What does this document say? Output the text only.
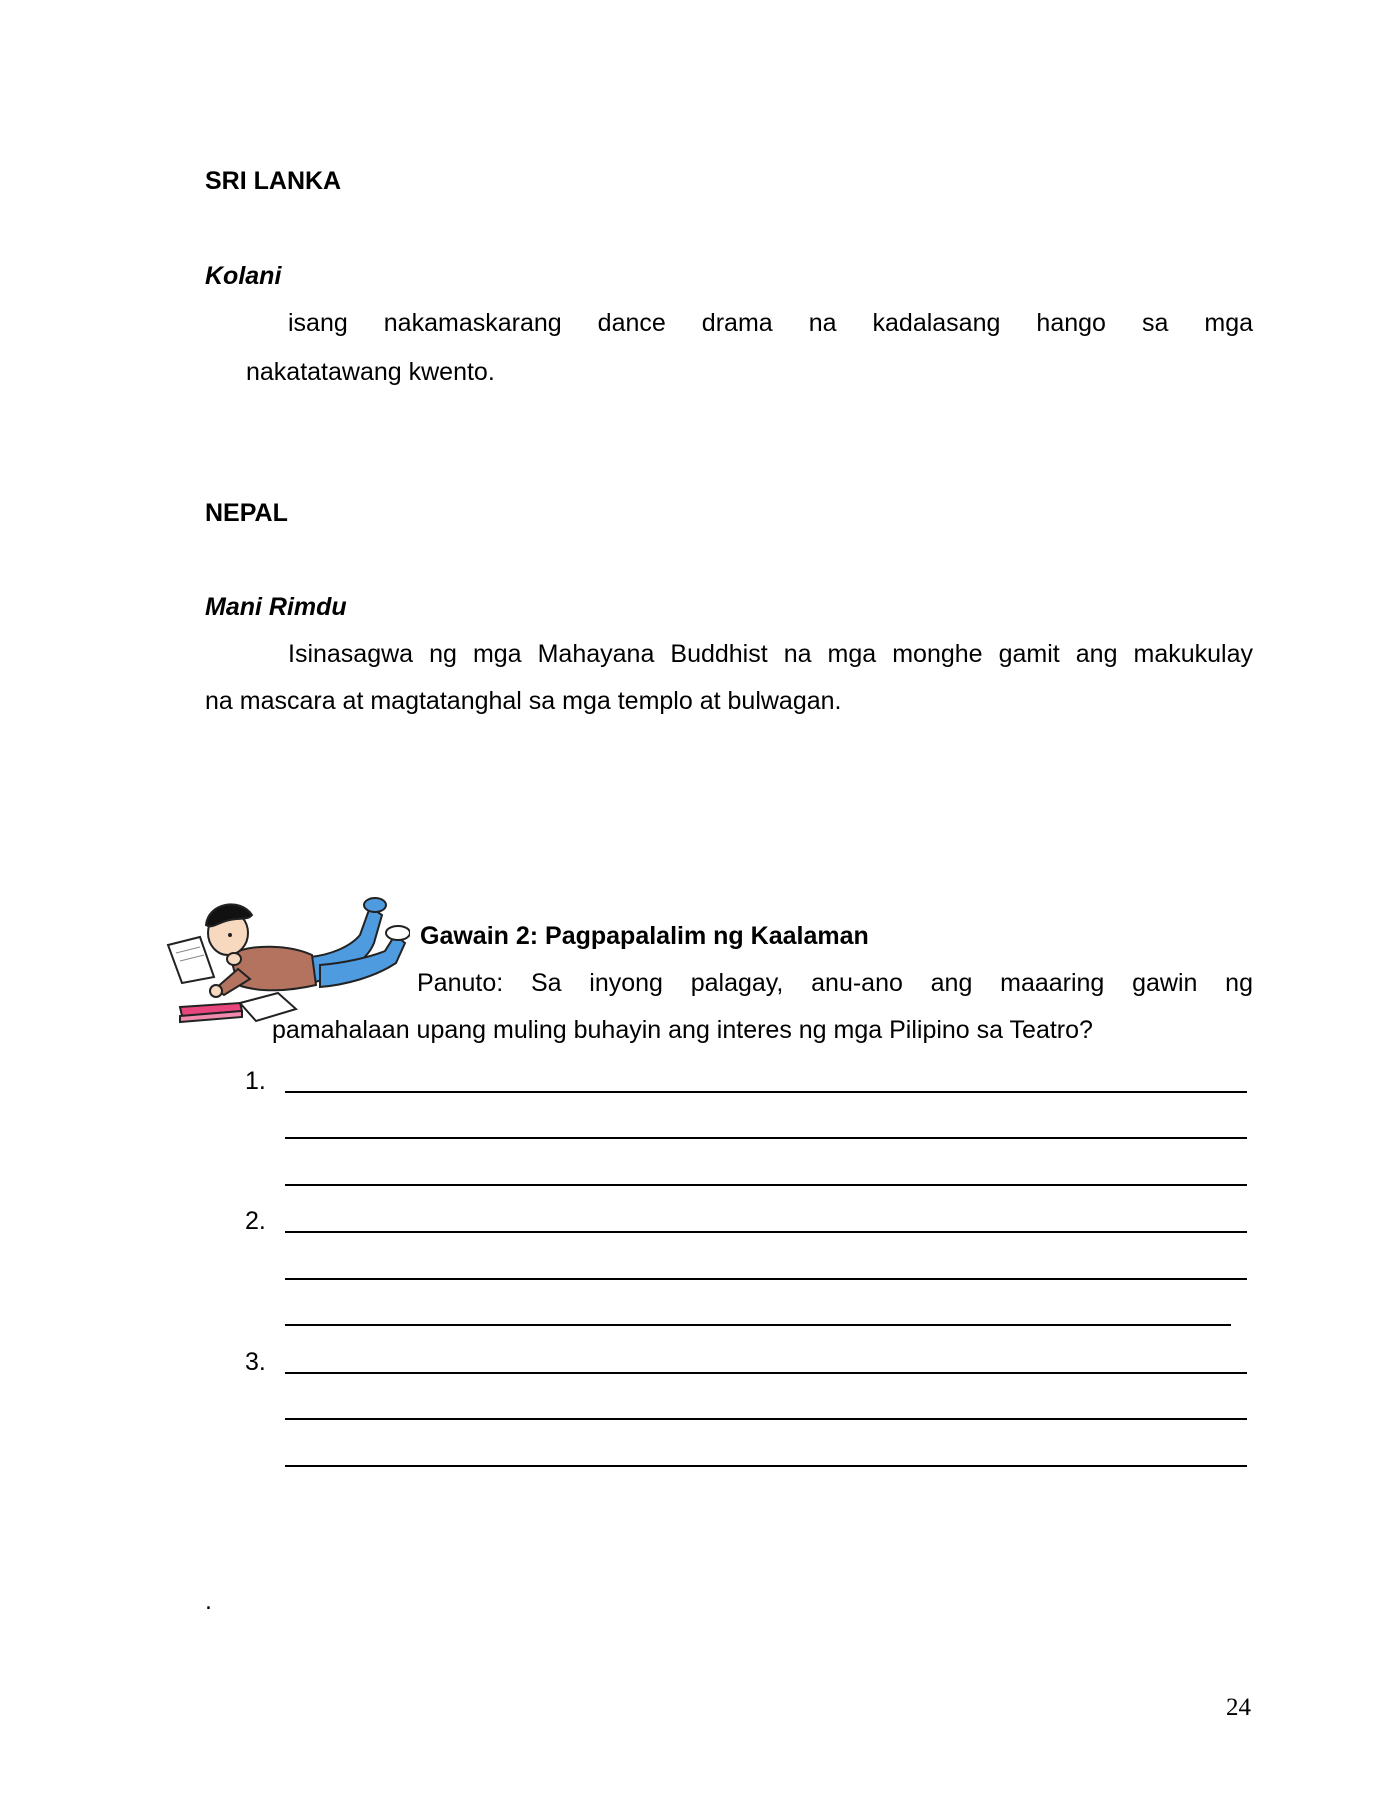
SRI LANKA
Kolani
isang nakamaskarang dance drama na kadalasang hango sa mga
nakatatawang kwento.
NEPAL
Mani Rimdu
Isinasagwa ng mga Mahayana Buddhist na mga monghe gamit ang makukulay
na mascara at magtatanghal sa mga templo at bulwagan.
Gawain 2: Pagpapalalim ng Kaalaman
Panuto: Sa inyong palagay, anu-ano ang maaaring gawin ng
pamahalaan upang muling buhayin ang interes ng mga Pilipino sa Teatro?
1.
2.
3.
.
24
